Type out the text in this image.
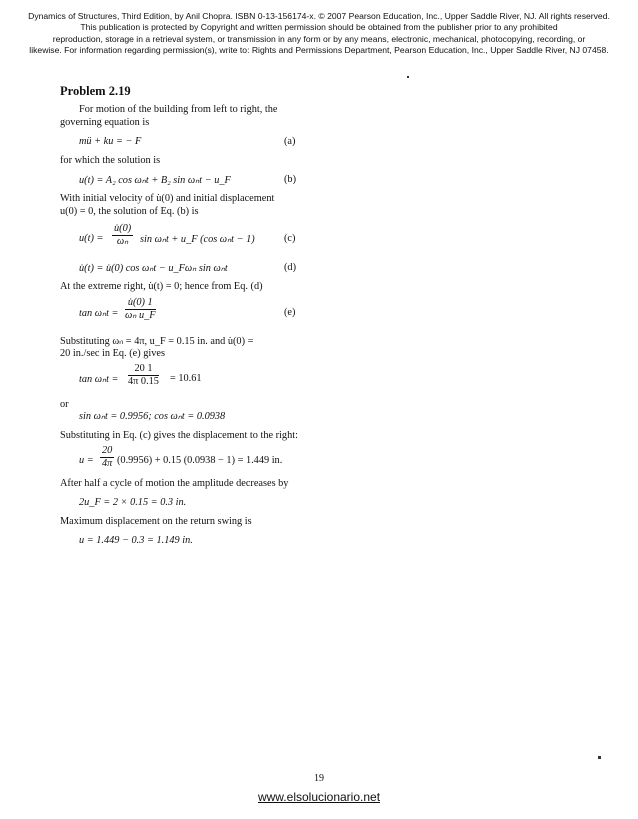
Dynamics of Structures, Third Edition, by Anil Chopra. ISBN 0-13-156174-x. © 2007 Pearson Education, Inc., Upper Saddle River, NJ. All rights reserved.
This publication is protected by Copyright and written permission should be obtained from the publisher prior to any prohibited
reproduction, storage in a retrieval system, or transmission in any form or by any means, electronic, mechanical, photocopying, recording, or
likewise. For information regarding permission(s), write to: Rights and Permissions Department, Pearson Education, Inc., Upper Saddle River, NJ 07458.
Problem 2.19
For motion of the building from left to right, the
governing equation is
mü + ku = − F	(a)
for which the solution is
u(t) = A₂ cos ωₙt + B₂ sin ωₙt − u_F	(b)
With initial velocity of u̇(0) and initial displacement
u(0) = 0, the solution of Eq. (b) is
$u(t) = \frac{u̇(0)}{\text{ωₙ}}$ sin ωₙt + u_F (cos ωₙt − 1)	(c)
u̇(t) = u̇(0) cos ωₙt − u_Fωₙ sin ωₙt	(d)
At the extreme right, u̇(t) = 0; hence from Eq. (d)
$\tan \omega_nt = \frac{u̇(0) 1}{\text{ωₙ u\_F}}$	(e)
Substituting ωₙ = 4π, u_F = 0.15 in. and u̇(0) =
20 in./sec in Eq. (e) gives
$\tan \omega_nt = \frac{20 1}{4\pi 0.15} = 10.61$
or
sin ωₙt = 0.9956; cos ωₙt = 0.0938
Substituting in Eq. (c) gives the displacement to the right:
$u = \frac{20}{4\pi} (0.9956) + 0.15$ (0.0938 − 1) = 1.449 in.
After half a cycle of motion the amplitude decreases by
2u_F = 2 × 0.15 = 0.3 in.
Maximum displacement on the return swing is
u = 1.449 − 0.3 = 1.149 in.
19
www.elsolucionario.net
